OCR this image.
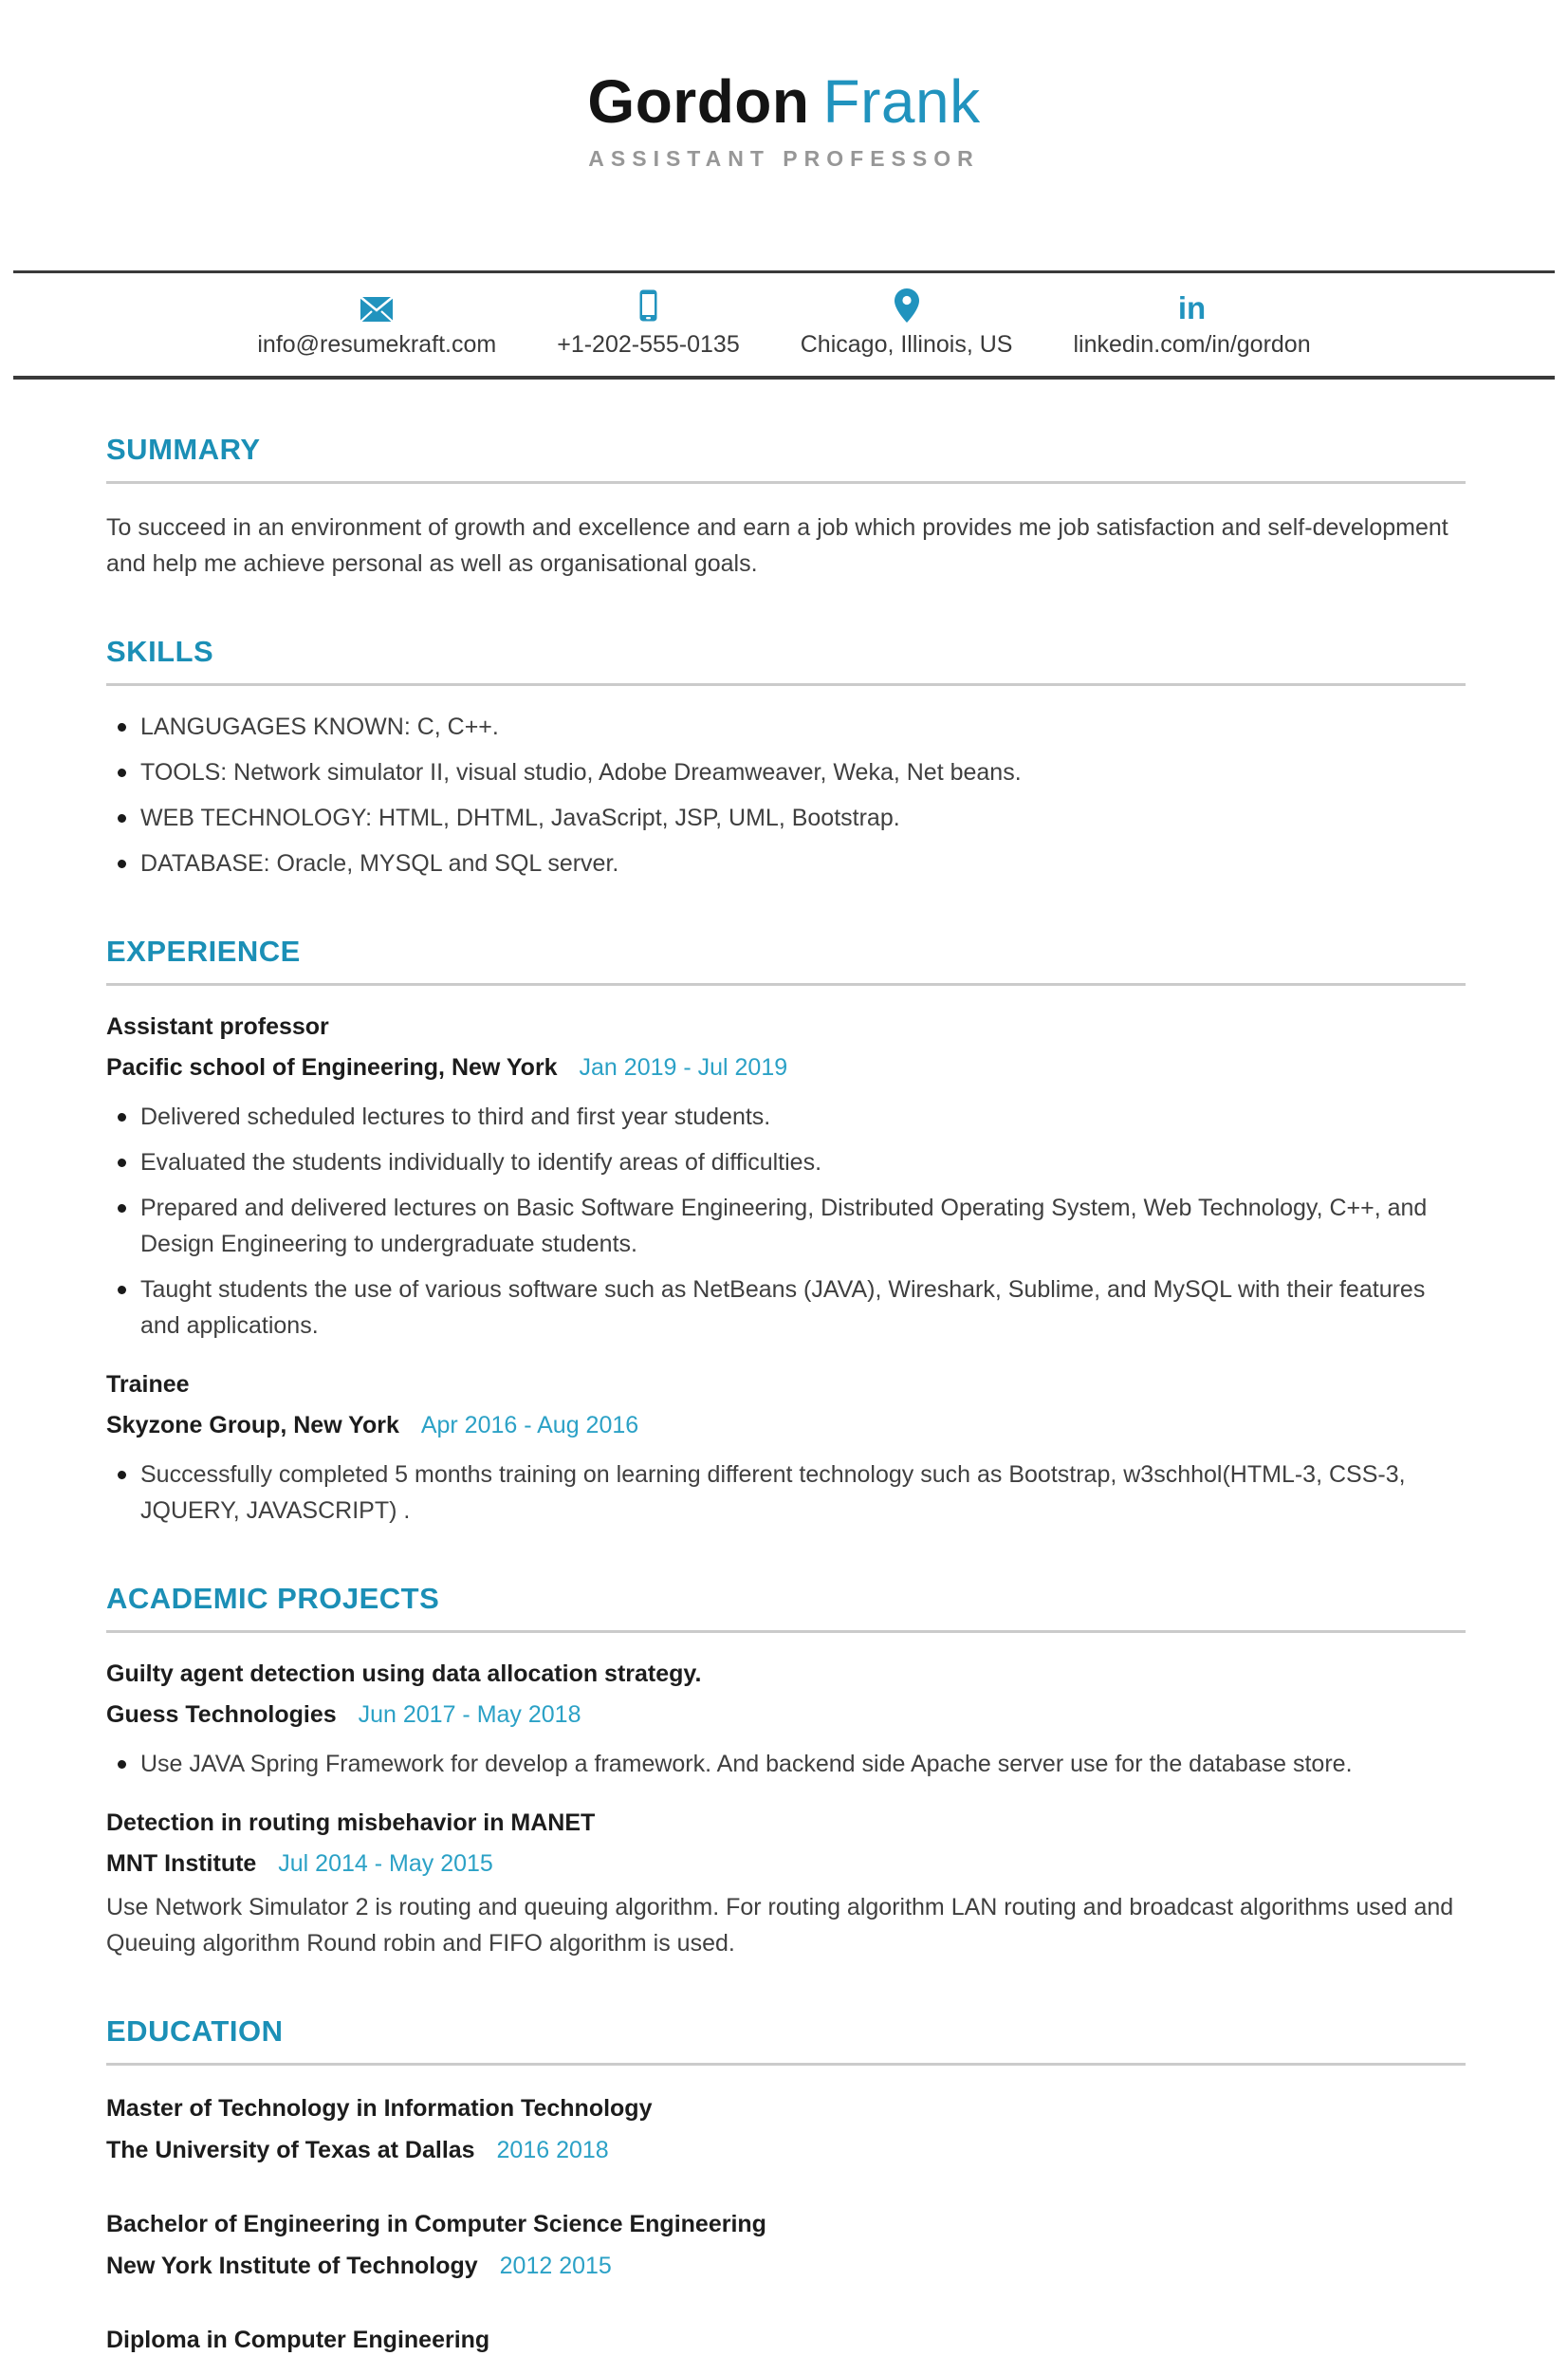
Gordon Frank
ASSISTANT PROFESSOR
info@resumekraft.com	+1-202-555-0135	Chicago, Illinois, US
in
linkedin.com/in/gordon
SUMMARY

To succeed in an environment of growth and excellence and earn a job which provides me job satisfaction and self-development and help me achieve personal as well as organisational goals.

SKILLS
LANGUGAGES KNOWN: C, C++.
TOOLS: Network simulator II, visual studio, Adobe Dreamweaver, Weka, Net beans.
WEB TECHNOLOGY: HTML, DHTML, JavaScript, JSP, UML, Bootstrap.
DATABASE: Oracle, MYSQL and SQL server.
EXPERIENCE
Assistant professor
Pacific school of Engineering, New York Jan 2019 - Jul 2019
Delivered scheduled lectures to third and first year students.
Evaluated the students individually to identify areas of difficulties.
Prepared and delivered lectures on Basic Software Engineering, Distributed Operating System, Web Technology, C++, and Design Engineering to undergraduate students.
Taught students the use of various software such as NetBeans (JAVA), Wireshark, Sublime, and MySQL with their features and applications.
Trainee
Skyzone Group, New York Apr 2016 - Aug 2016
Successfully completed 5 months training on learning different technology such as Bootstrap, w3schhol(HTML-3, CSS-3, JQUERY, JAVASCRIPT) .
ACADEMIC PROJECTS
Guilty agent detection using data allocation strategy.
Guess Technologies Jun 2017 - May 2018
Use JAVA Spring Framework for develop a framework. And backend side Apache server use for the database store.
Detection in routing misbehavior in MANET
MNT Institute Jul 2014 - May 2015

Use Network Simulator 2 is routing and queuing algorithm. For routing algorithm LAN routing and broadcast algorithms used and Queuing algorithm Round robin and FIFO algorithm is used.

EDUCATION
Master of Technology in Information Technology
The University of Texas at Dallas 2016 2018
Bachelor of Engineering in Computer Science Engineering
New York Institute of Technology 2012 2015
Diploma in Computer Engineering
